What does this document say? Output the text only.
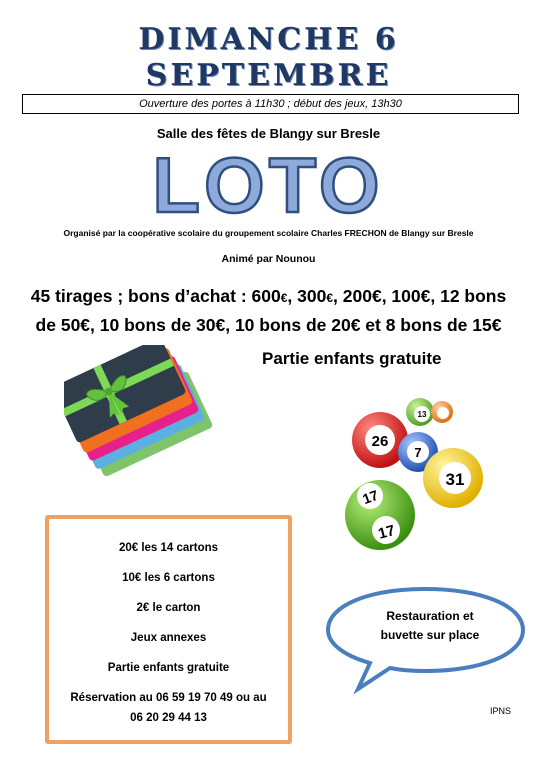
DIMANCHE 6
SEPTEMBRE
Ouverture des portes à 11h30 ; début des jeux, 13h30
Salle des fêtes de Blangy sur Bresle
LOTO
Organisé par la coopérative scolaire du groupement scolaire Charles FRECHON de Blangy sur Bresle
Animé par Nounou
45 tirages ; bons d’achat : 600€, 300€, 200€, 100€, 12 bons
de 50€, 10 bons de 30€, 10 bons de 20€ et 8 bons de 15€
Partie enfants gratuite
26
13
7
31
17
17
20€ les 14 cartons
10€ les 6 cartons
2€ le carton
Jeux annexes
Partie enfants gratuite
Réservation au 06 59 19 70 49 ou au
06 20 29 44 13
Restauration et
buvette sur place
IPNS
